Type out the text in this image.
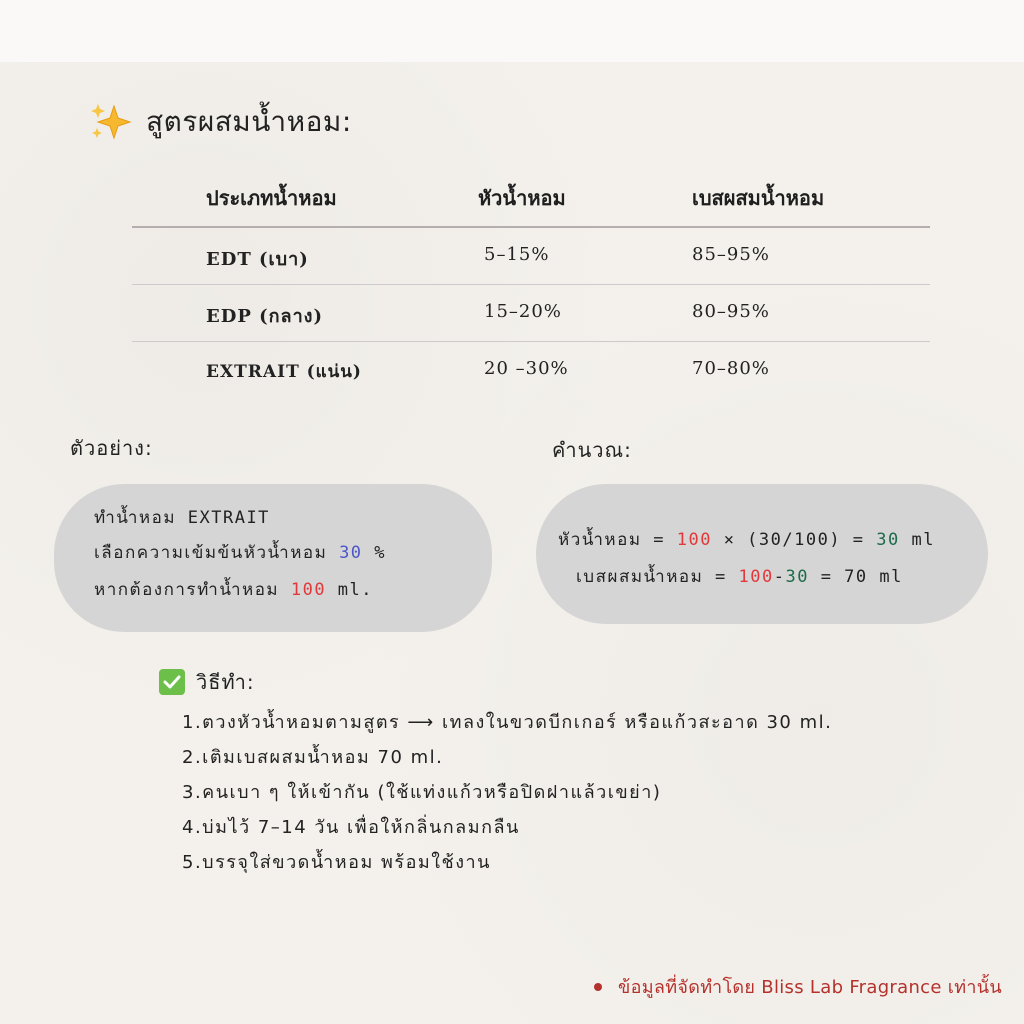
สูตรผสมน้ำหอม:
ประเภทน้ำหอม	หัวน้ำหอม	เบสผสมน้ำหอม
EDT (เบา)	5–15%	85–95%
EDP (กลาง)	15–20%	80–95%
EXTRAIT (แน่น)	20 –30%	70–80%
ตัวอย่าง:	คำนวณ:
ทำน้ำหอม EXTRAIT
เลือกความเข้มข้นหัวน้ำหอม 30 %
หากต้องการทำน้ำหอม 100 ml.
หัวน้ำหอม = 100 × (30/100) = 30 ml
เบสผสมน้ำหอม = 100-30 = 70 ml
วิธีทำ:
1.ตวงหัวน้ำหอมตามสูตร ⟶ เทลงในขวดบีกเกอร์ หรือแก้วสะอาด 30 ml.
2.เติมเบสผสมน้ำหอม 70 ml.
3.คนเบา ๆ ให้เข้ากัน (ใช้แท่งแก้วหรือปิดฝาแล้วเขย่า)
4.บ่มไว้ 7–14 วัน เพื่อให้กลิ่นกลมกลืน
5.บรรจุใส่ขวดน้ำหอม พร้อมใช้งาน
ข้อมูลที่จัดทำโดย Bliss Lab Fragrance เท่านั้น
